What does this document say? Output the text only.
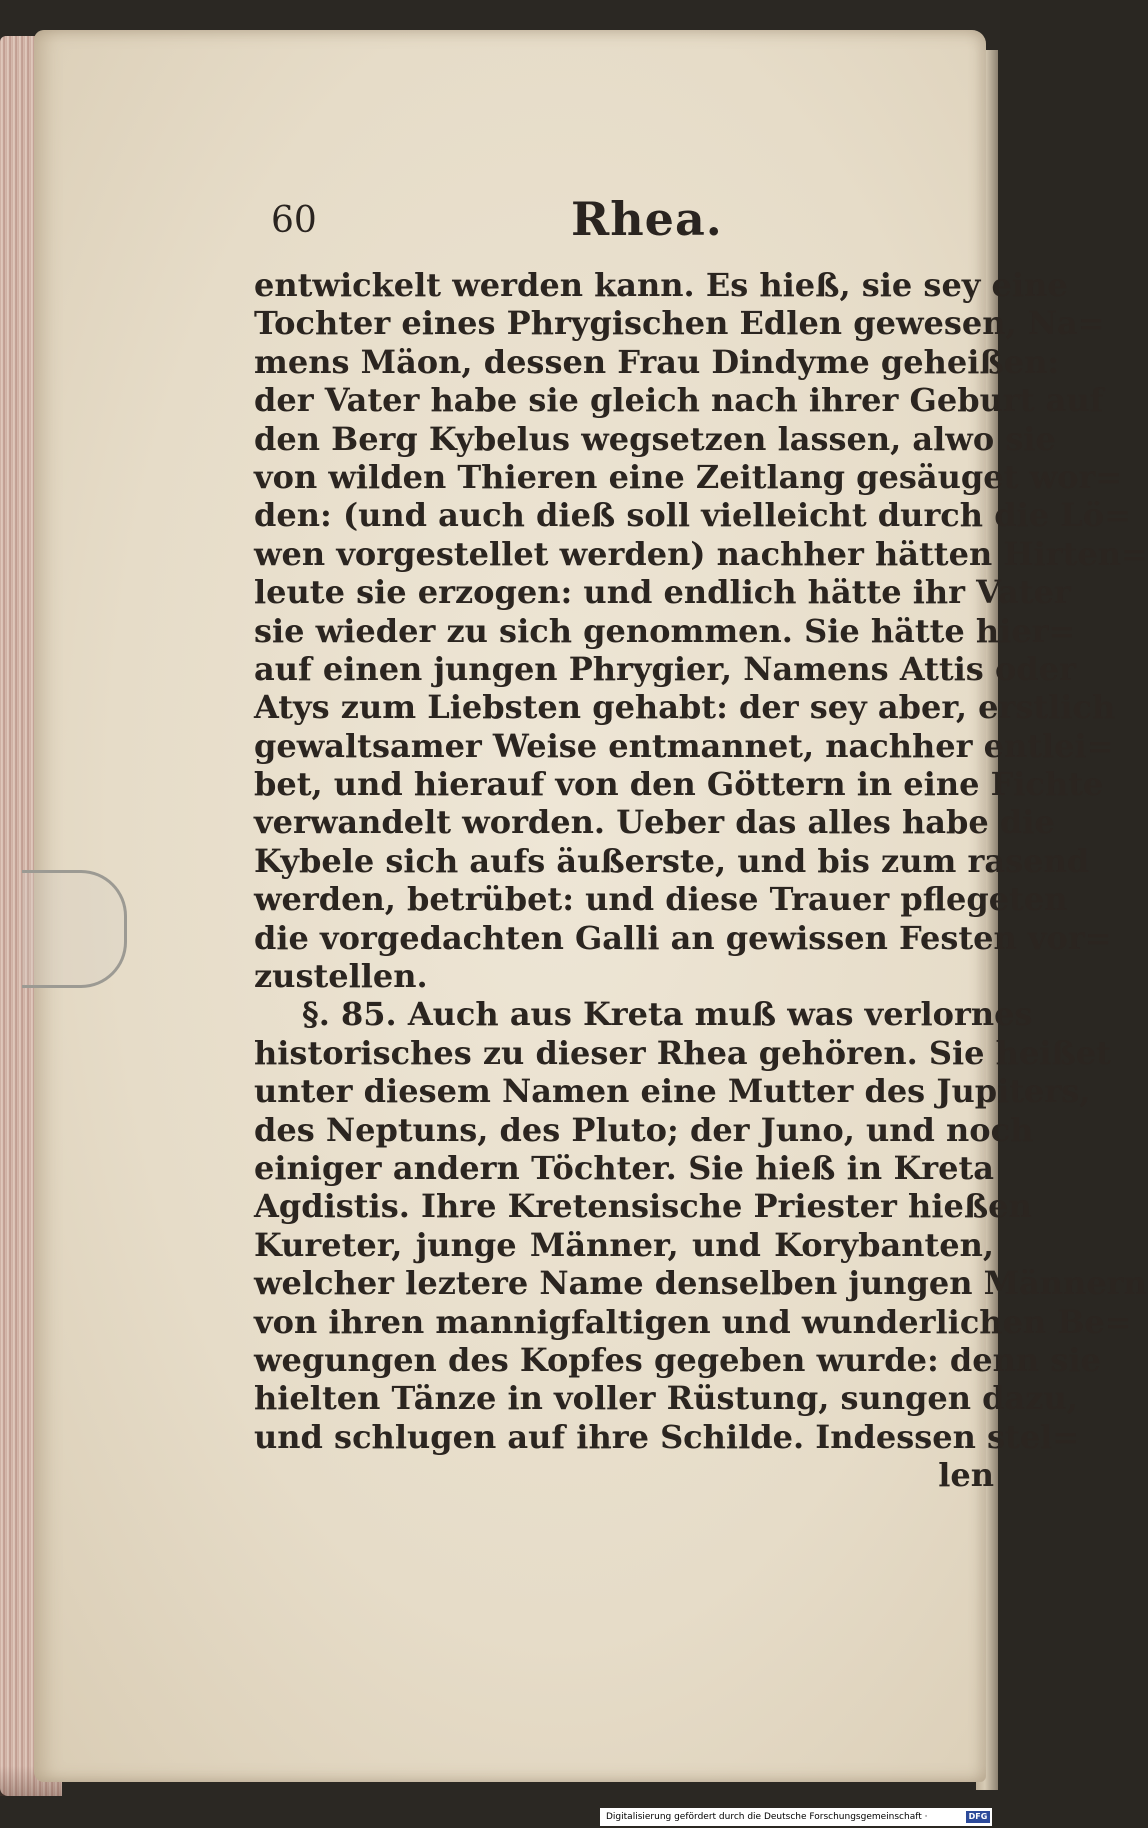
60	Rhea.
entwickelt werden kann. Es hieß, sie sey eine
Tochter eines Phrygischen Edlen gewesen, Na=
mens Mäon, dessen Frau Dindyme geheißen:
der Vater habe sie gleich nach ihrer Geburt auf
den Berg Kybelus wegsetzen lassen, alwo sie
von wilden Thieren eine Zeitlang gesäuget wor=
den: (und auch dieß soll vielleicht durch die Lö=
wen vorgestellet werden) nachher hätten Hirten=
leute sie erzogen: und endlich hätte ihr Vater
sie wieder zu sich genommen. Sie hätte hier=
auf einen jungen Phrygier, Namens Attis oder
Atys zum Liebsten gehabt: der sey aber, erstlich
gewaltsamer Weise entmannet, nachher entlei=
bet, und hierauf von den Göttern in eine Fichte
verwandelt worden. Ueber das alles habe die
Kybele sich aufs äußerste, und bis zum rasend
werden, betrübet: und diese Trauer pflegeten
die vorgedachten Galli an gewissen Festen vor=
zustellen.
§. 85. Auch aus Kreta muß was verlornes
historisches zu dieser Rhea gehören. Sie heißet
unter diesem Namen eine Mutter des Jupiters,
des Neptuns, des Pluto; der Juno, und noch
einiger andern Töchter. Sie hieß in Kreta
Agdistis. Ihre Kretensische Priester hießen
Kureter, junge Männer, und Korybanten,
welcher leztere Name denselben jungen Männern
von ihren mannigfaltigen und wunderlichen Be=
wegungen des Kopfes gegeben wurde: denn sie
hielten Tänze in voller Rüstung, sungen dazu,
und schlugen auf ihre Schilde. Indessen stel=
len
Digitalisierung gefördert durch die Deutsche Forschungsgemeinschaft ·	DFG
